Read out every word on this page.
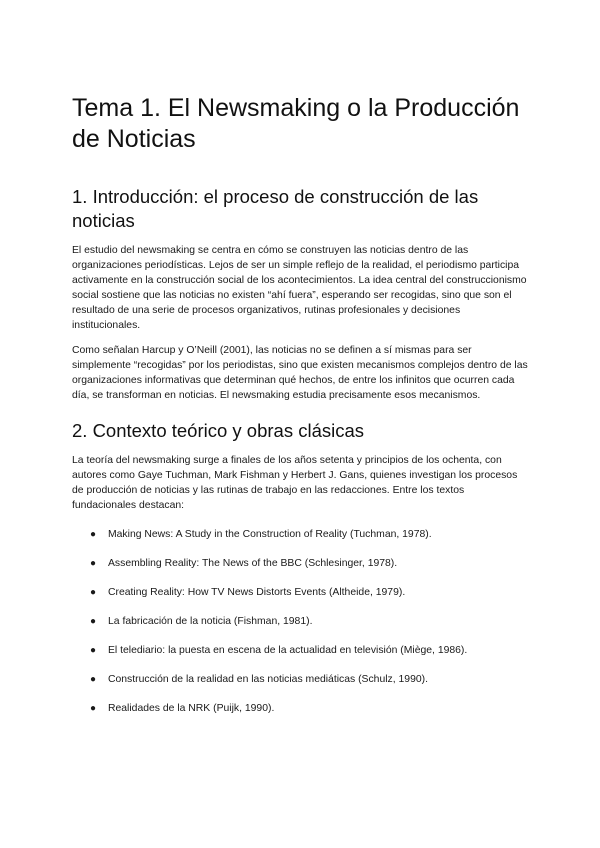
Tema 1. El Newsmaking o la Producción de Noticias
1. Introducción: el proceso de construcción de las noticias

El estudio del newsmaking se centra en cómo se construyen las noticias dentro de las organizaciones periodísticas. Lejos de ser un simple reflejo de la realidad, el periodismo participa activamente en la construcción social de los acontecimientos. La idea central del construccionismo social sostiene que las noticias no existen “ahí fuera”, esperando ser recogidas, sino que son el resultado de una serie de procesos organizativos, rutinas profesionales y decisiones institucionales.

Como señalan Harcup y O’Neill (2001), las noticias no se definen a sí mismas para ser simplemente “recogidas” por los periodistas, sino que existen mecanismos complejos dentro de las organizaciones informativas que determinan qué hechos, de entre los infinitos que ocurren cada día, se transforman en noticias. El newsmaking estudia precisamente esos mecanismos.

2. Contexto teórico y obras clásicas

La teoría del newsmaking surge a finales de los años setenta y principios de los ochenta, con autores como Gaye Tuchman, Mark Fishman y Herbert J. Gans, quienes investigan los procesos de producción de noticias y las rutinas de trabajo en las redacciones. Entre los textos fundacionales destacan:

● Making News: A Study in the Construction of Reality (Tuchman, 1978).
● Assembling Reality: The News of the BBC (Schlesinger, 1978).
● Creating Reality: How TV News Distorts Events (Altheide, 1979).
● La fabricación de la noticia (Fishman, 1981).
● El telediario: la puesta en escena de la actualidad en televisión (Miège, 1986).
● Construcción de la realidad en las noticias mediáticas (Schulz, 1990).
● Realidades de la NRK (Puijk, 1990).
